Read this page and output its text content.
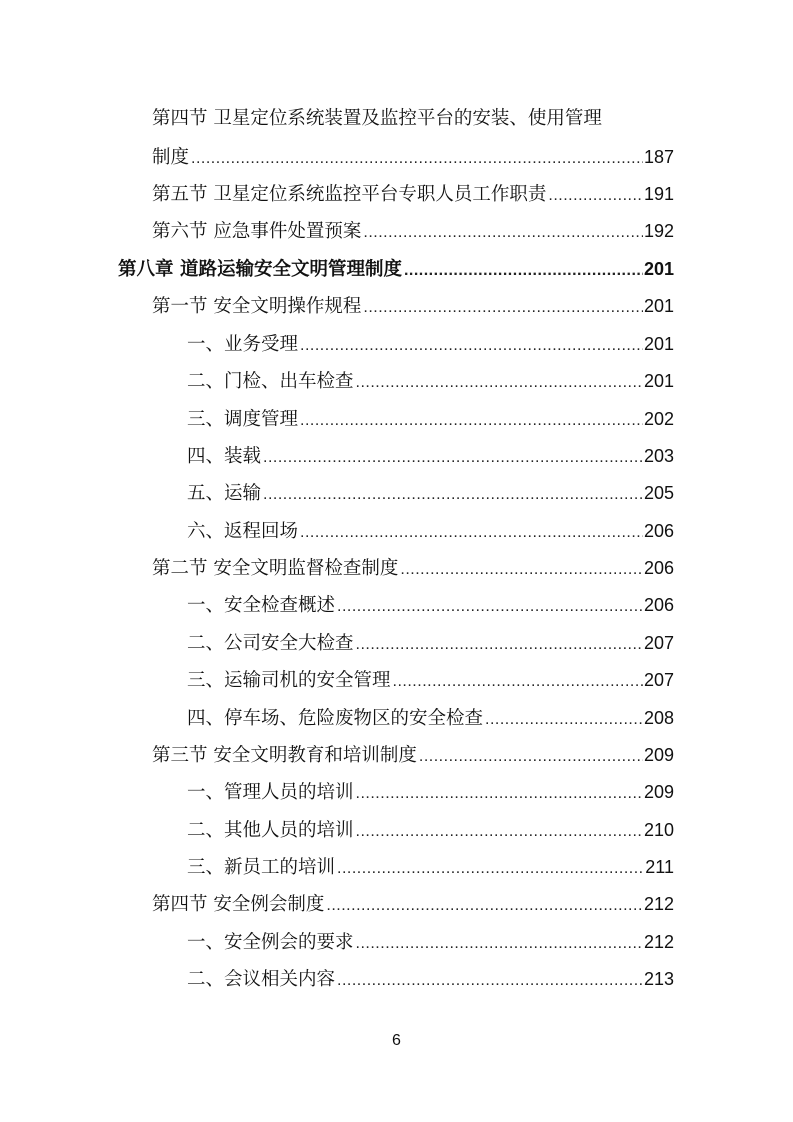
第四节 卫星定位系统装置及监控平台的安装、使用管理
制度 .....	187
第五节 卫星定位系统监控平台专职人员工作职责 .....	191
第六节 应急事件处置预案 .....	192
第八章 道路运输安全文明管理制度 .....	201
第一节 安全文明操作规程 .....	201
一、业务受理 .....	201
二、门检、出车检查 .....	201
三、调度管理 .....	202
四、装载 .....	203
五、运输 .....	205
六、返程回场 .....	206
第二节 安全文明监督检查制度 .....	206
一、安全检查概述 .....	206
二、公司安全大检查 .....	207
三、运输司机的安全管理 .....	207
四、停车场、危险废物区的安全检查 .....	208
第三节 安全文明教育和培训制度 .....	209
一、管理人员的培训 .....	209
二、其他人员的培训 .....	210
三、新员工的培训 .....	211
第四节 安全例会制度 .....	212
一、安全例会的要求 .....	212
二、会议相关内容 .....	213
6
